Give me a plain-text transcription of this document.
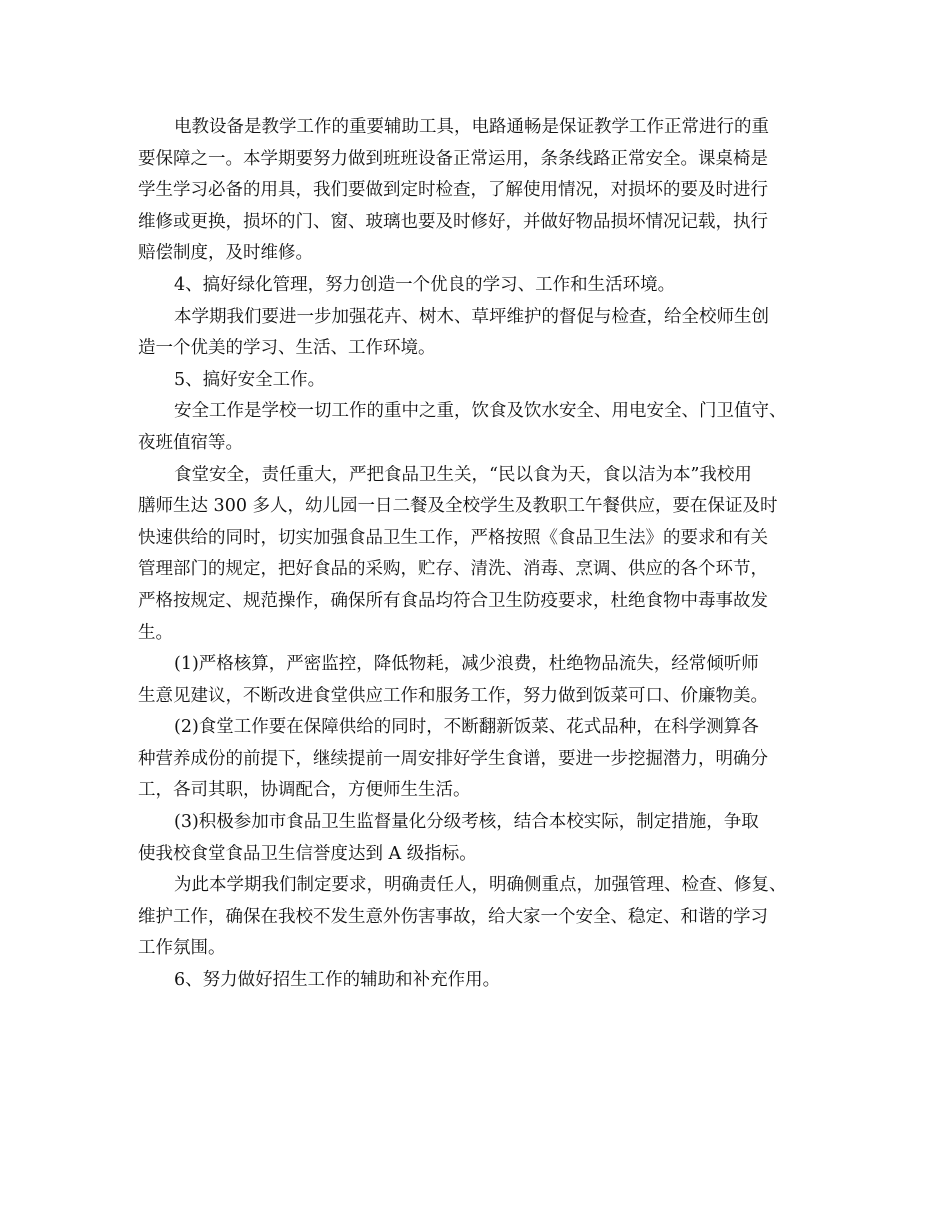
电教设备是教学工作的重要辅助工具，电路通畅是保证教学工作正常进行的重
要保障之一。本学期要努力做到班班设备正常运用，条条线路正常安全。课桌椅是
学生学习必备的用具，我们要做到定时检查，了解使用情况，对损坏的要及时进行
维修或更换，损坏的门、窗、玻璃也要及时修好，并做好物品损坏情况记载，执行
赔偿制度，及时维修。
4、搞好绿化管理，努力创造一个优良的学习、工作和生活环境。
本学期我们要进一步加强花卉、树木、草坪维护的督促与检查，给全校师生创
造一个优美的学习、生活、工作环境。
5、搞好安全工作。
安全工作是学校一切工作的重中之重，饮食及饮水安全、用电安全、门卫值守、
夜班值宿等。
食堂安全，责任重大，严把食品卫生关，“民以食为天，食以洁为本”我校用
膳师生达 300 多人，幼儿园一日二餐及全校学生及教职工午餐供应，要在保证及时
快速供给的同时，切实加强食品卫生工作，严格按照《食品卫生法》的要求和有关
管理部门的规定，把好食品的采购，贮存、清洗、消毒、烹调、供应的各个环节，
严格按规定、规范操作，确保所有食品均符合卫生防疫要求，杜绝食物中毒事故发
生。
(1)严格核算，严密监控，降低物耗，减少浪费，杜绝物品流失，经常倾听师
生意见建议，不断改进食堂供应工作和服务工作，努力做到饭菜可口、价廉物美。
(2)食堂工作要在保障供给的同时，不断翻新饭菜、花式品种，在科学测算各
种营养成份的前提下，继续提前一周安排好学生食谱，要进一步挖掘潜力，明确分
工，各司其职，协调配合，方便师生生活。
(3)积极参加市食品卫生监督量化分级考核，结合本校实际，制定措施，争取
使我校食堂食品卫生信誉度达到 A 级指标。
为此本学期我们制定要求，明确责任人，明确侧重点，加强管理、检查、修复、
维护工作，确保在我校不发生意外伤害事故，给大家一个安全、稳定、和谐的学习
工作氛围。
6、努力做好招生工作的辅助和补充作用。
